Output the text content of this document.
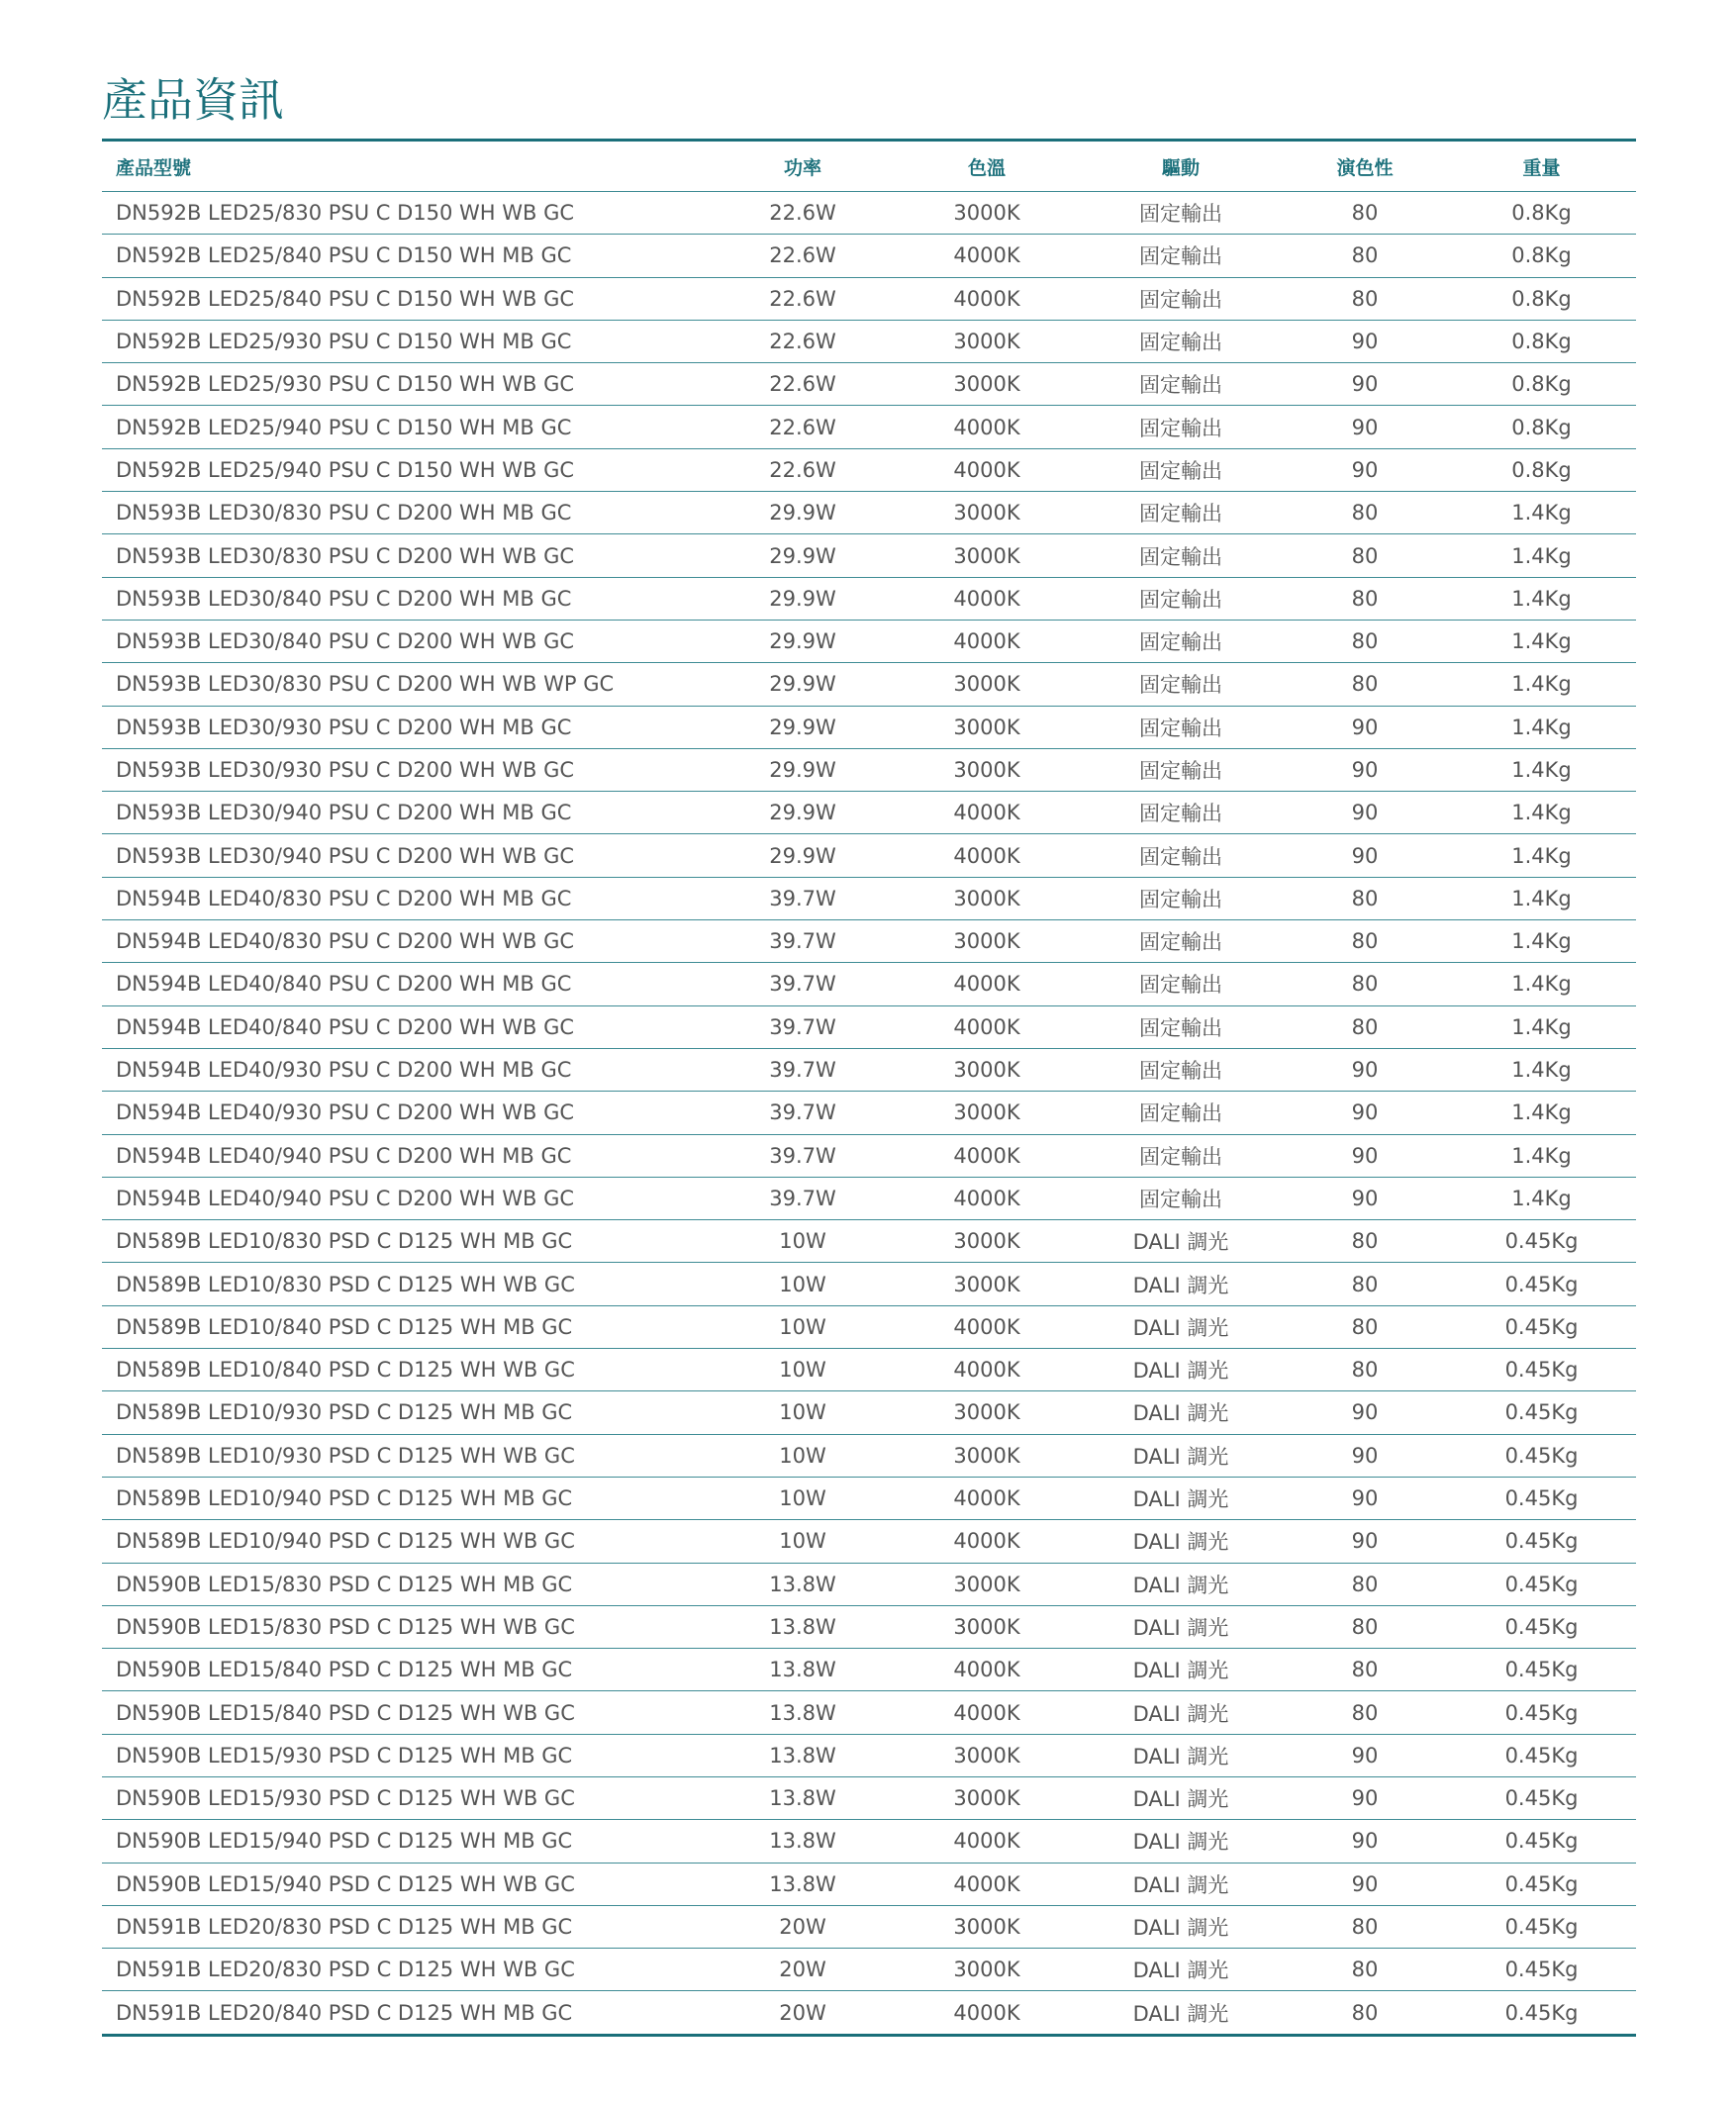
產品資訊
產品型號	功率	色溫	驅動	演色性	重量
DN592B LED25/830 PSU C D150 WH WB GC	22.6W	3000K	固定輸出	80	0.8Kg
DN592B LED25/840 PSU C D150 WH MB GC	22.6W	4000K	固定輸出	80	0.8Kg
DN592B LED25/840 PSU C D150 WH WB GC	22.6W	4000K	固定輸出	80	0.8Kg
DN592B LED25/930 PSU C D150 WH MB GC	22.6W	3000K	固定輸出	90	0.8Kg
DN592B LED25/930 PSU C D150 WH WB GC	22.6W	3000K	固定輸出	90	0.8Kg
DN592B LED25/940 PSU C D150 WH MB GC	22.6W	4000K	固定輸出	90	0.8Kg
DN592B LED25/940 PSU C D150 WH WB GC	22.6W	4000K	固定輸出	90	0.8Kg
DN593B LED30/830 PSU C D200 WH MB GC	29.9W	3000K	固定輸出	80	1.4Kg
DN593B LED30/830 PSU C D200 WH WB GC	29.9W	3000K	固定輸出	80	1.4Kg
DN593B LED30/840 PSU C D200 WH MB GC	29.9W	4000K	固定輸出	80	1.4Kg
DN593B LED30/840 PSU C D200 WH WB GC	29.9W	4000K	固定輸出	80	1.4Kg
DN593B LED30/830 PSU C D200 WH WB WP GC	29.9W	3000K	固定輸出	80	1.4Kg
DN593B LED30/930 PSU C D200 WH MB GC	29.9W	3000K	固定輸出	90	1.4Kg
DN593B LED30/930 PSU C D200 WH WB GC	29.9W	3000K	固定輸出	90	1.4Kg
DN593B LED30/940 PSU C D200 WH MB GC	29.9W	4000K	固定輸出	90	1.4Kg
DN593B LED30/940 PSU C D200 WH WB GC	29.9W	4000K	固定輸出	90	1.4Kg
DN594B LED40/830 PSU C D200 WH MB GC	39.7W	3000K	固定輸出	80	1.4Kg
DN594B LED40/830 PSU C D200 WH WB GC	39.7W	3000K	固定輸出	80	1.4Kg
DN594B LED40/840 PSU C D200 WH MB GC	39.7W	4000K	固定輸出	80	1.4Kg
DN594B LED40/840 PSU C D200 WH WB GC	39.7W	4000K	固定輸出	80	1.4Kg
DN594B LED40/930 PSU C D200 WH MB GC	39.7W	3000K	固定輸出	90	1.4Kg
DN594B LED40/930 PSU C D200 WH WB GC	39.7W	3000K	固定輸出	90	1.4Kg
DN594B LED40/940 PSU C D200 WH MB GC	39.7W	4000K	固定輸出	90	1.4Kg
DN594B LED40/940 PSU C D200 WH WB GC	39.7W	4000K	固定輸出	90	1.4Kg
DN589B LED10/830 PSD C D125 WH MB GC	10W	3000K	DALI 調光	80	0.45Kg
DN589B LED10/830 PSD C D125 WH WB GC	10W	3000K	DALI 調光	80	0.45Kg
DN589B LED10/840 PSD C D125 WH MB GC	10W	4000K	DALI 調光	80	0.45Kg
DN589B LED10/840 PSD C D125 WH WB GC	10W	4000K	DALI 調光	80	0.45Kg
DN589B LED10/930 PSD C D125 WH MB GC	10W	3000K	DALI 調光	90	0.45Kg
DN589B LED10/930 PSD C D125 WH WB GC	10W	3000K	DALI 調光	90	0.45Kg
DN589B LED10/940 PSD C D125 WH MB GC	10W	4000K	DALI 調光	90	0.45Kg
DN589B LED10/940 PSD C D125 WH WB GC	10W	4000K	DALI 調光	90	0.45Kg
DN590B LED15/830 PSD C D125 WH MB GC	13.8W	3000K	DALI 調光	80	0.45Kg
DN590B LED15/830 PSD C D125 WH WB GC	13.8W	3000K	DALI 調光	80	0.45Kg
DN590B LED15/840 PSD C D125 WH MB GC	13.8W	4000K	DALI 調光	80	0.45Kg
DN590B LED15/840 PSD C D125 WH WB GC	13.8W	4000K	DALI 調光	80	0.45Kg
DN590B LED15/930 PSD C D125 WH MB GC	13.8W	3000K	DALI 調光	90	0.45Kg
DN590B LED15/930 PSD C D125 WH WB GC	13.8W	3000K	DALI 調光	90	0.45Kg
DN590B LED15/940 PSD C D125 WH MB GC	13.8W	4000K	DALI 調光	90	0.45Kg
DN590B LED15/940 PSD C D125 WH WB GC	13.8W	4000K	DALI 調光	90	0.45Kg
DN591B LED20/830 PSD C D125 WH MB GC	20W	3000K	DALI 調光	80	0.45Kg
DN591B LED20/830 PSD C D125 WH WB GC	20W	3000K	DALI 調光	80	0.45Kg
DN591B LED20/840 PSD C D125 WH MB GC	20W	4000K	DALI 調光	80	0.45Kg
